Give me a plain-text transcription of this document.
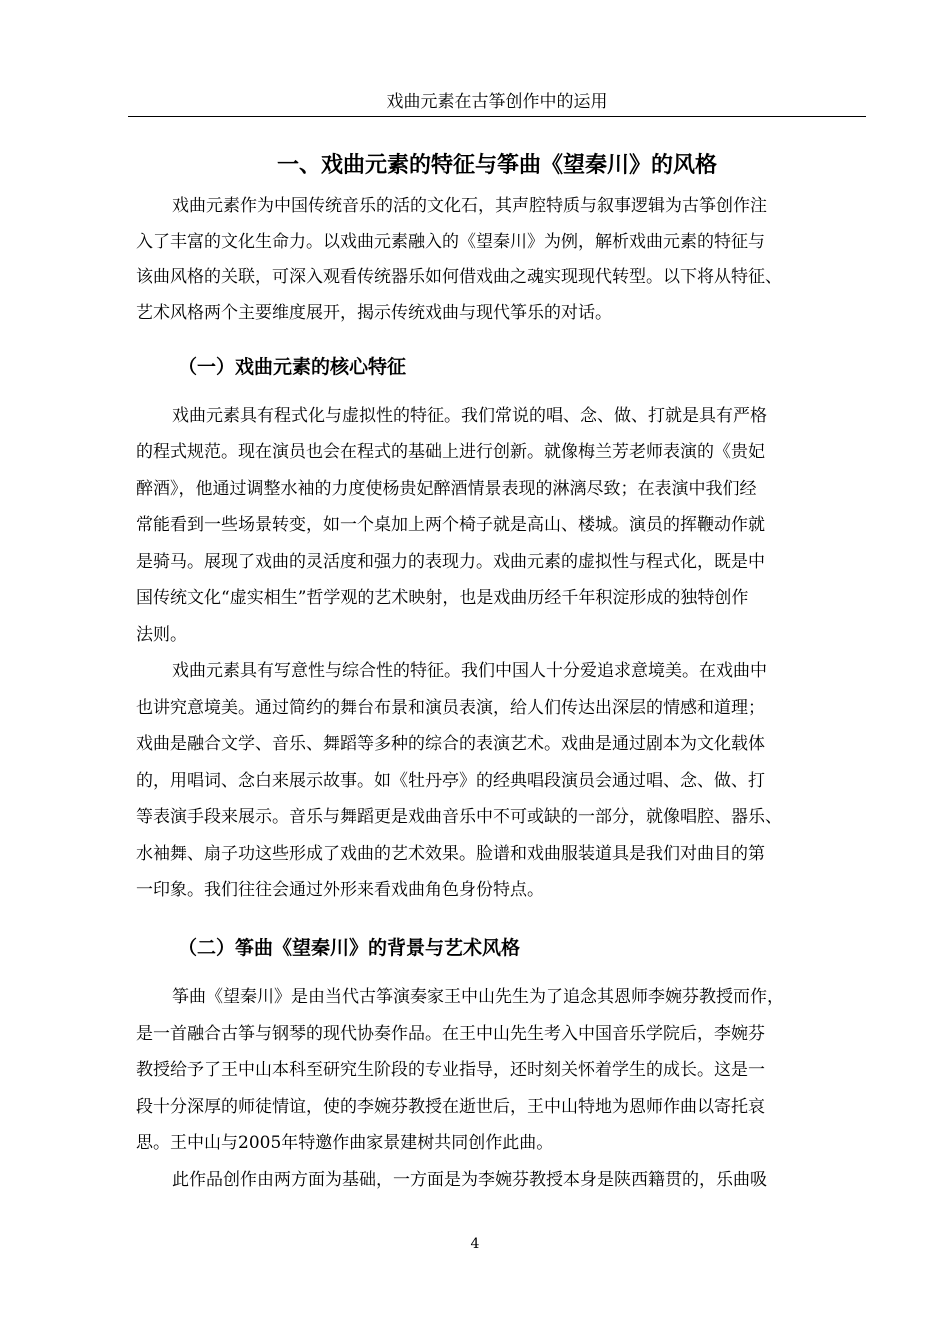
戏曲元素在古筝创作中的运用
一、戏曲元素的特征与筝曲《望秦川》的风格
戏曲元素作为中国传统音乐的活的文化石，其声腔特质与叙事逻辑为古筝创作注
入了丰富的文化生命力。以戏曲元素融入的《望秦川》为例，解析戏曲元素的特征与
该曲风格的关联，可深入观看传统器乐如何借戏曲之魂实现现代转型。以下将从特征、
艺术风格两个主要维度展开，揭示传统戏曲与现代筝乐的对话。
（一）戏曲元素的核心特征
戏曲元素具有程式化与虚拟性的特征。我们常说的唱、念、做、打就是具有严格
的程式规范。现在演员也会在程式的基础上进行创新。就像梅兰芳老师表演的《贵妃
醉酒》，他通过调整水袖的力度使杨贵妃醉酒情景表现的淋漓尽致；在表演中我们经
常能看到一些场景转变，如一个桌加上两个椅子就是高山、楼城。演员的挥鞭动作就
是骑马。展现了戏曲的灵活度和强力的表现力。戏曲元素的虚拟性与程式化，既是中
国传统文化“虚实相生”哲学观的艺术映射，也是戏曲历经千年积淀形成的独特创作
法则。
戏曲元素具有写意性与综合性的特征。我们中国人十分爱追求意境美。在戏曲中
也讲究意境美。通过简约的舞台布景和演员表演，给人们传达出深层的情感和道理；
戏曲是融合文学、音乐、舞蹈等多种的综合的表演艺术。戏曲是通过剧本为文化载体
的，用唱词、念白来展示故事。如《牡丹亭》的经典唱段演员会通过唱、念、做、打
等表演手段来展示。音乐与舞蹈更是戏曲音乐中不可或缺的一部分，就像唱腔、器乐、
水袖舞、扇子功这些形成了戏曲的艺术效果。脸谱和戏曲服装道具是我们对曲目的第
一印象。我们往往会通过外形来看戏曲角色身份特点。
（二）筝曲《望秦川》的背景与艺术风格
筝曲《望秦川》是由当代古筝演奏家王中山先生为了追念其恩师李婉芬教授而作，
是一首融合古筝与钢琴的现代协奏作品。在王中山先生考入中国音乐学院后，李婉芬
教授给予了王中山本科至研究生阶段的专业指导，还时刻关怀着学生的成长。这是一
段十分深厚的师徒情谊，使的李婉芬教授在逝世后，王中山特地为恩师作曲以寄托哀
思。王中山与2005年特邀作曲家景建树共同创作此曲。
此作品创作由两方面为基础，一方面是为李婉芬教授本身是陕西籍贯的，乐曲吸
4
